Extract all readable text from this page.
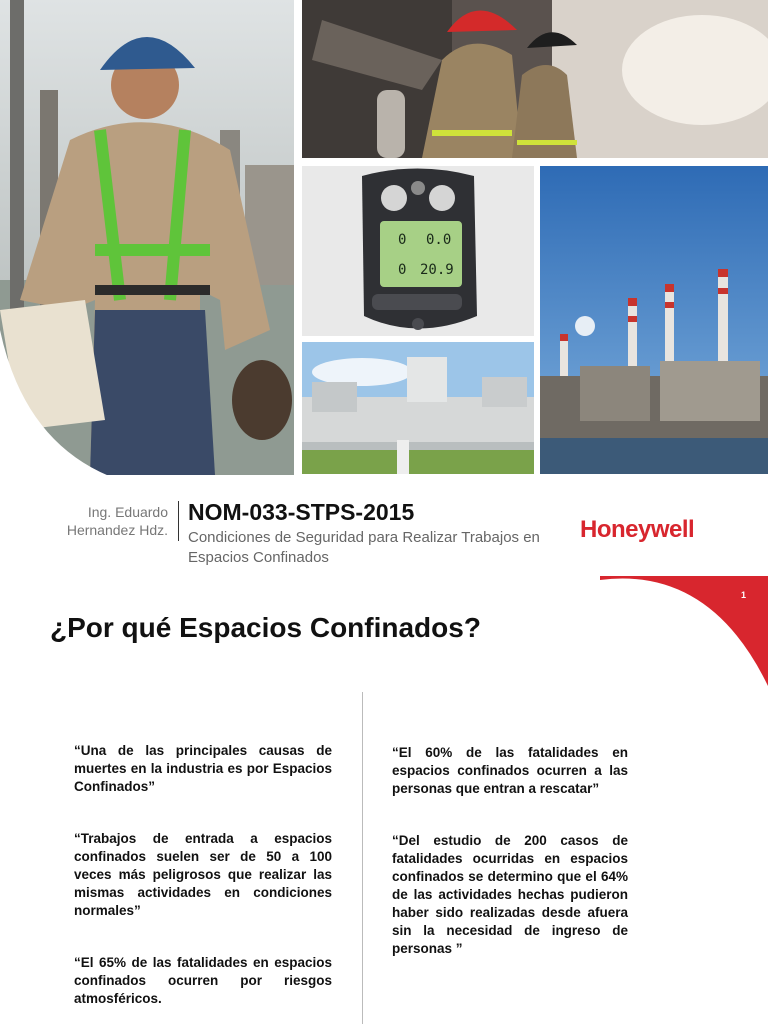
0 0.0
0 20.9
Ing. Eduardo
Hernandez Hdz.
NOM-033-STPS-2015
Condiciones de Seguridad para Realizar Trabajos en
Espacios Confinados
Honeywell
1
¿Por qué Espacios Confinados?

“Una de las principales causas de muertes en la industria es por Espacios Confinados”

“Trabajos de entrada a espacios confinados suelen ser de 50 a 100 veces más peligrosos que realizar las mismas actividades en condiciones normales”

“El 65% de las fatalidades en espacios confinados ocurren por riesgos atmosféricos.

“El 60% de las fatalidades en espacios confinados ocurren a las personas que entran a rescatar”

“Del estudio de 200 casos de fatalidades ocurridas en espacios confinados se determino que el 64% de las actividades hechas pudieron haber sido realizadas desde afuera sin la necesidad de ingreso de personas ”
